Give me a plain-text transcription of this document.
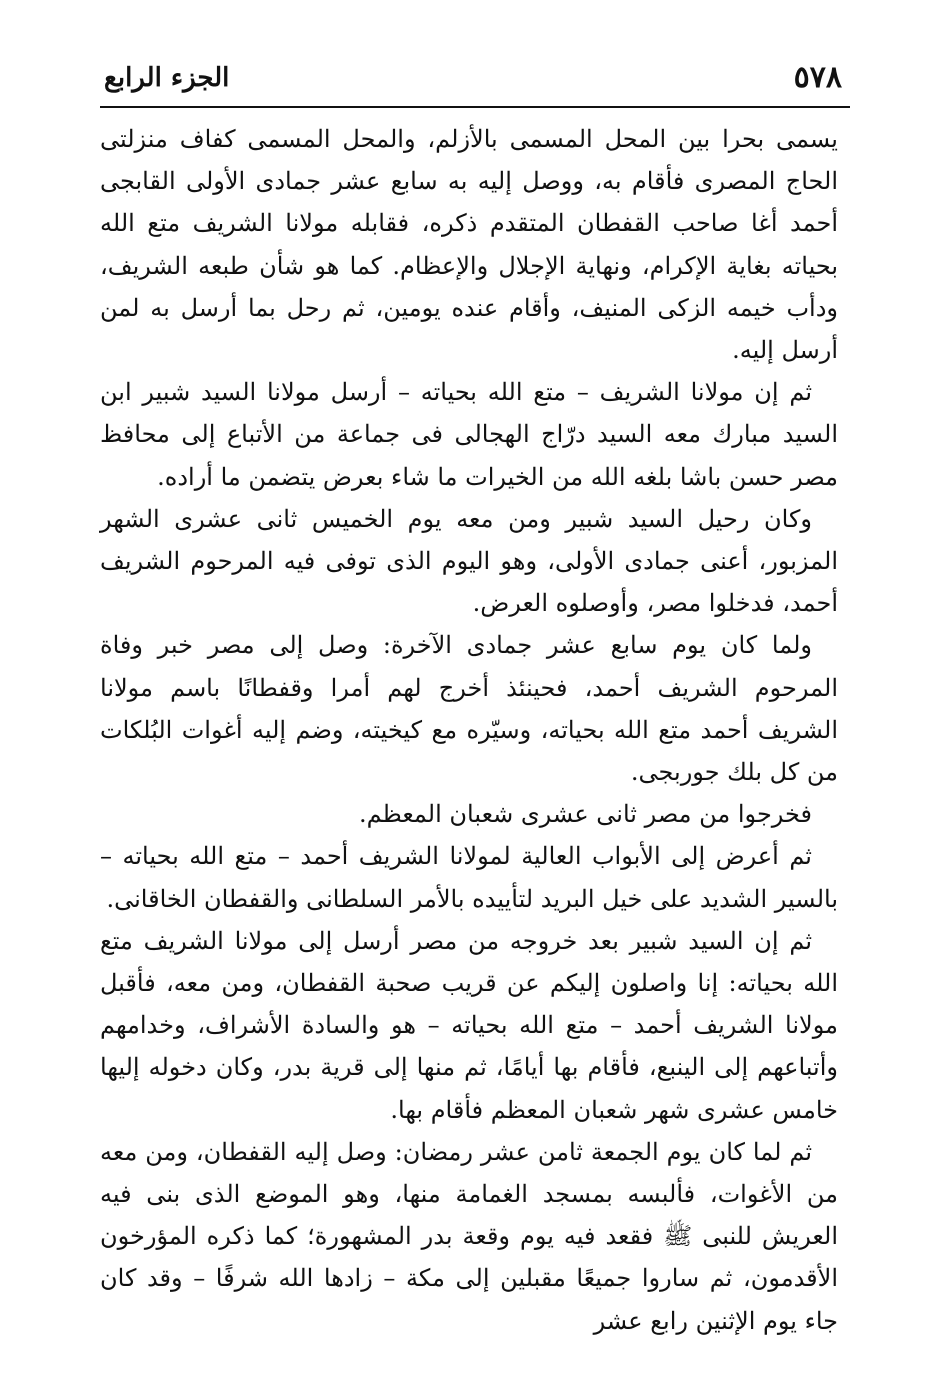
٥٧٨
الجزء الرابع

يسمى بحرا بين المحل المسمى بالأزلم، والمحل المسمى كفاف منزلتى الحاج المصرى فأقام به، ووصل إليه به سابع عشر جمادى الأولى القابجى أحمد أغا صاحب القفطان المتقدم ذكره، فقابله مولانا الشريف متع الله بحياته بغاية الإكرام، ونهاية الإجلال والإعظام. كما هو شأن طبعه الشريف، ودأب خيمه الزكى المنيف، وأقام عنده يومين، ثم رحل بما أرسل به لمن أرسل إليه.

ثم إن مولانا الشريف – متع الله بحياته – أرسل مولانا السيد شبير ابن السيد مبارك معه السيد درّاج الهجالى فى جماعة من الأتباع إلى محافظ مصر حسن باشا بلغه الله من الخيرات ما شاء بعرض يتضمن ما أراده.

وكان رحيل السيد شبير ومن معه يوم الخميس ثانى عشرى الشهر المزبور، أعنى جمادى الأولى، وهو اليوم الذى توفى فيه المرحوم الشريف أحمد، فدخلوا مصر، وأوصلوه العرض.

ولما كان يوم سابع عشر جمادى الآخرة: وصل إلى مصر خبر وفاة المرحوم الشريف أحمد، فحينئذ أخرج لهم أمرا وقفطانًا باسم مولانا الشريف أحمد متع الله بحياته، وسيّره مع كيخيته، وضم إليه أغوات البُلكات من كل بلك جوربجى.

فخرجوا من مصر ثانى عشرى شعبان المعظم.

ثم أعرض إلى الأبواب العالية لمولانا الشريف أحمد – متع الله بحياته – بالسير الشديد على خيل البريد لتأييده بالأمر السلطانى والقفطان الخاقانى.

ثم إن السيد شبير بعد خروجه من مصر أرسل إلى مولانا الشريف متع الله بحياته: إنا واصلون إليكم عن قريب صحبة القفطان، ومن معه، فأقبل مولانا الشريف أحمد – متع الله بحياته – هو والسادة الأشراف، وخدامهم وأتباعهم إلى الينبع، فأقام بها أيامًا، ثم منها إلى قرية بدر، وكان دخوله إليها خامس عشرى شهر شعبان المعظم فأقام بها.

ثم لما كان يوم الجمعة ثامن عشر رمضان: وصل إليه القفطان، ومن معه من الأغوات، فألبسه بمسجد الغمامة منها، وهو الموضع الذى بنى فيه العريش للنبى ﷺ فقعد فيه يوم وقعة بدر المشهورة؛ كما ذكره المؤرخون الأقدمون، ثم ساروا جميعًا مقبلين إلى مكة – زادها الله شرفًا – وقد كان جاء يوم الإثنين رابع عشر
